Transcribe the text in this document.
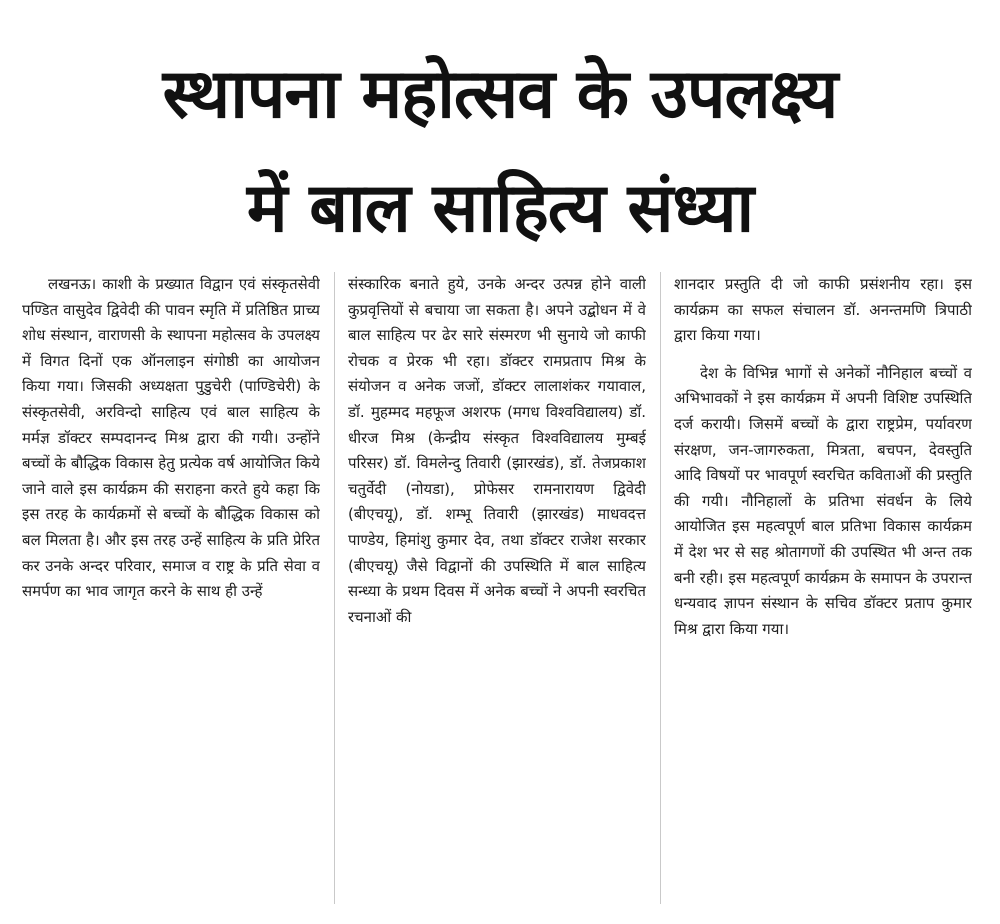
स्थापना महोत्सव के उपलक्ष्य
में बाल साहित्य संध्या

लखनऊ। काशी के प्रख्यात विद्वान एवं संस्कृतसेवी पण्डित वासुदेव द्विवेदी की पावन स्मृति में प्रतिष्ठित प्राच्य शोध संस्थान, वाराणसी के स्थापना महोत्सव के उपलक्ष्य में विगत दिनों एक ऑनलाइन संगोष्ठी का आयोजन किया गया। जिसकी अध्यक्षता पुडुचेरी (पाण्डिचेरी) के संस्कृतसेवी, अरविन्दो साहित्य एवं बाल साहित्य के मर्मज्ञ डॉक्टर सम्पदानन्द मिश्र द्वारा की गयी। उन्होंने बच्चों के बौद्धिक विकास हेतु प्रत्येक वर्ष आयोजित किये जाने वाले इस कार्यक्रम की सराहना करते हुये कहा कि इस तरह के कार्यक्रमों से बच्चों के बौद्धिक विकास को बल मिलता है। और इस तरह उन्हें साहित्य के प्रति प्रेरित कर उनके अन्दर परिवार, समाज व राष्ट्र के प्रति सेवा व समर्पण का भाव जागृत करने के साथ ही उन्हें

संस्कारिक बनाते हुये, उनके अन्दर उत्पन्न होने वाली कुप्रवृत्तियों से बचाया जा सकता है। अपने उद्बोधन में वे बाल साहित्य पर ढेर सारे संस्मरण भी सुनाये जो काफी रोचक व प्रेरक भी रहा। डॉक्टर रामप्रताप मिश्र के संयोजन व अनेक जजों, डॉक्टर लालाशंकर गयावाल, डॉ. मुहम्मद महफूज अशरफ (मगध विश्वविद्यालय) डॉ. धीरज मिश्र (केन्द्रीय संस्कृत विश्वविद्यालय मुम्बई परिसर) डॉ. विमलेन्दु तिवारी (झारखंड), डॉ. तेजप्रकाश चतुर्वेदी (नोयडा), प्रोफेसर रामनारायण द्विवेदी (बीएचयू), डॉ. शम्भू तिवारी (झारखंड) माधवदत्त पाण्डेय, हिमांशु कुमार देव, तथा डॉक्टर राजेश सरकार (बीएचयू) जैसे विद्वानों की उपस्थिति में बाल साहित्य सन्ध्या के प्रथम दिवस में अनेक बच्चों ने अपनी स्वरचित रचनाओं की

शानदार प्रस्तुति दी जो काफी प्रसंशनीय रहा। इस कार्यक्रम का सफल संचालन डॉ. अनन्तमणि त्रिपाठी द्वारा किया गया।

देश के विभिन्न भागों से अनेकों नौनिहाल बच्चों व अभिभावकों ने इस कार्यक्रम में अपनी विशिष्ट उपस्थिति दर्ज करायी। जिसमें बच्चों के द्वारा राष्ट्रप्रेम, पर्यावरण संरक्षण, जन-जागरुकता, मित्रता, बचपन, देवस्तुति आदि विषयों पर भावपूर्ण स्वरचित कविताओं की प्रस्तुति की गयी। नौनिहालों के प्रतिभा संवर्धन के लिये आयोजित इस महत्वपूर्ण बाल प्रतिभा विकास कार्यक्रम में देश भर से सह श्रोतागणों की उपस्थित भी अन्त तक बनी रही। इस महत्वपूर्ण कार्यक्रम के समापन के उपरान्त धन्यवाद ज्ञापन संस्थान के सचिव डॉक्टर प्रताप कुमार मिश्र द्वारा किया गया।
